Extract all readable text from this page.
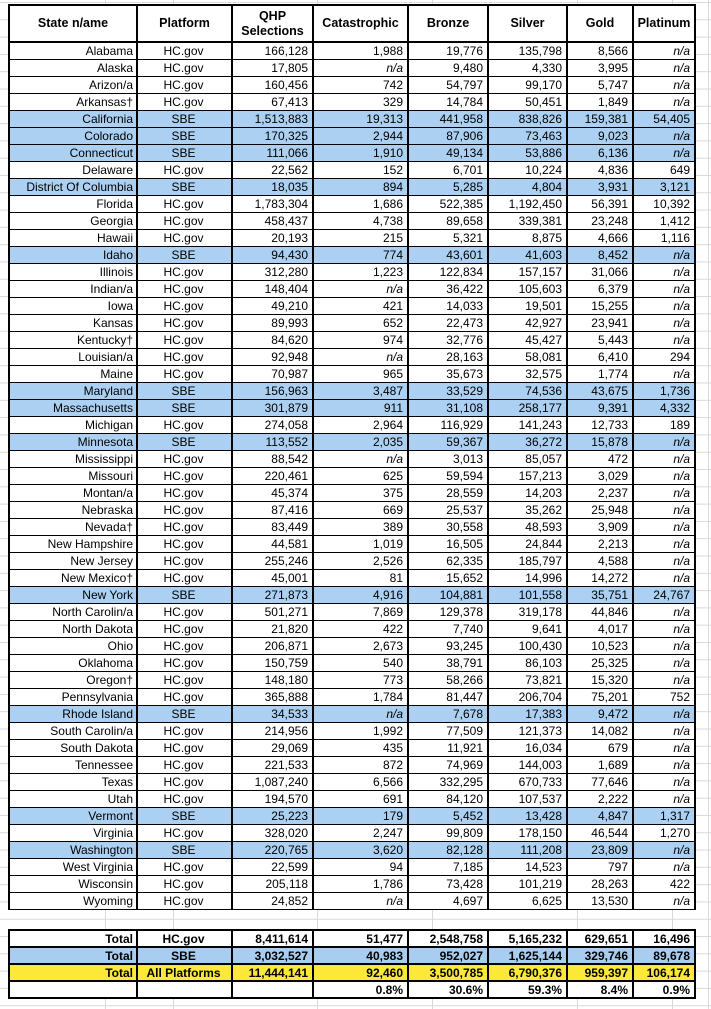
State n/ame	Platform	QHP Selections	Catastrophic	Bronze	Silver	Gold	Platinum
Alabama	HC.gov	166,128	1,988	19,776	135,798	8,566	n/a
Alaska	HC.gov	17,805	n/a	9,480	4,330	3,995	n/a
Arizon/a	HC.gov	160,456	742	54,797	99,170	5,747	n/a
Arkansas†	HC.gov	67,413	329	14,784	50,451	1,849	n/a
California	SBE	1,513,883	19,313	441,958	838,826	159,381	54,405
Colorado	SBE	170,325	2,944	87,906	73,463	9,023	n/a
Connecticut	SBE	111,066	1,910	49,134	53,886	6,136	n/a
Delaware	HC.gov	22,562	152	6,701	10,224	4,836	649
District Of Columbia	SBE	18,035	894	5,285	4,804	3,931	3,121
Florida	HC.gov	1,783,304	1,686	522,385	1,192,450	56,391	10,392
Georgia	HC.gov	458,437	4,738	89,658	339,381	23,248	1,412
Hawaii	HC.gov	20,193	215	5,321	8,875	4,666	1,116
Idaho	SBE	94,430	774	43,601	41,603	8,452	n/a
Illinois	HC.gov	312,280	1,223	122,834	157,157	31,066	n/a
Indian/a	HC.gov	148,404	n/a	36,422	105,603	6,379	n/a
Iowa	HC.gov	49,210	421	14,033	19,501	15,255	n/a
Kansas	HC.gov	89,993	652	22,473	42,927	23,941	n/a
Kentucky†	HC.gov	84,620	974	32,776	45,427	5,443	n/a
Louisian/a	HC.gov	92,948	n/a	28,163	58,081	6,410	294
Maine	HC.gov	70,987	965	35,673	32,575	1,774	n/a
Maryland	SBE	156,963	3,487	33,529	74,536	43,675	1,736
Massachusetts	SBE	301,879	911	31,108	258,177	9,391	4,332
Michigan	HC.gov	274,058	2,964	116,929	141,243	12,733	189
Minnesota	SBE	113,552	2,035	59,367	36,272	15,878	n/a
Mississippi	HC.gov	88,542	n/a	3,013	85,057	472	n/a
Missouri	HC.gov	220,461	625	59,594	157,213	3,029	n/a
Montan/a	HC.gov	45,374	375	28,559	14,203	2,237	n/a
Nebraska	HC.gov	87,416	669	25,537	35,262	25,948	n/a
Nevada†	HC.gov	83,449	389	30,558	48,593	3,909	n/a
New Hampshire	HC.gov	44,581	1,019	16,505	24,844	2,213	n/a
New Jersey	HC.gov	255,246	2,526	62,335	185,797	4,588	n/a
New Mexico†	HC.gov	45,001	81	15,652	14,996	14,272	n/a
New York	SBE	271,873	4,916	104,881	101,558	35,751	24,767
North Carolin/a	HC.gov	501,271	7,869	129,378	319,178	44,846	n/a
North Dakota	HC.gov	21,820	422	7,740	9,641	4,017	n/a
Ohio	HC.gov	206,871	2,673	93,245	100,430	10,523	n/a
Oklahoma	HC.gov	150,759	540	38,791	86,103	25,325	n/a
Oregon†	HC.gov	148,180	773	58,266	73,821	15,320	n/a
Pennsylvania	HC.gov	365,888	1,784	81,447	206,704	75,201	752
Rhode Island	SBE	34,533	n/a	7,678	17,383	9,472	n/a
South Carolin/a	HC.gov	214,956	1,992	77,509	121,373	14,082	n/a
South Dakota	HC.gov	29,069	435	11,921	16,034	679	n/a
Tennessee	HC.gov	221,533	872	74,969	144,003	1,689	n/a
Texas	HC.gov	1,087,240	6,566	332,295	670,733	77,646	n/a
Utah	HC.gov	194,570	691	84,120	107,537	2,222	n/a
Vermont	SBE	25,223	179	5,452	13,428	4,847	1,317
Virginia	HC.gov	328,020	2,247	99,809	178,150	46,544	1,270
Washington	SBE	220,765	3,620	82,128	111,208	23,809	n/a
West Virginia	HC.gov	22,599	94	7,185	14,523	797	n/a
Wisconsin	HC.gov	205,118	1,786	73,428	101,219	28,263	422
Wyoming	HC.gov	24,852	n/a	4,697	6,625	13,530	n/a
Total	HC.gov	8,411,614	51,477	2,548,758	5,165,232	629,651	16,496
Total	SBE	3,032,527	40,983	952,027	1,625,144	329,746	89,678
Total	All Platforms	11,444,141	92,460	3,500,785	6,790,376	959,397	106,174
			0.8%	30.6%	59.3%	8.4%	0.9%
